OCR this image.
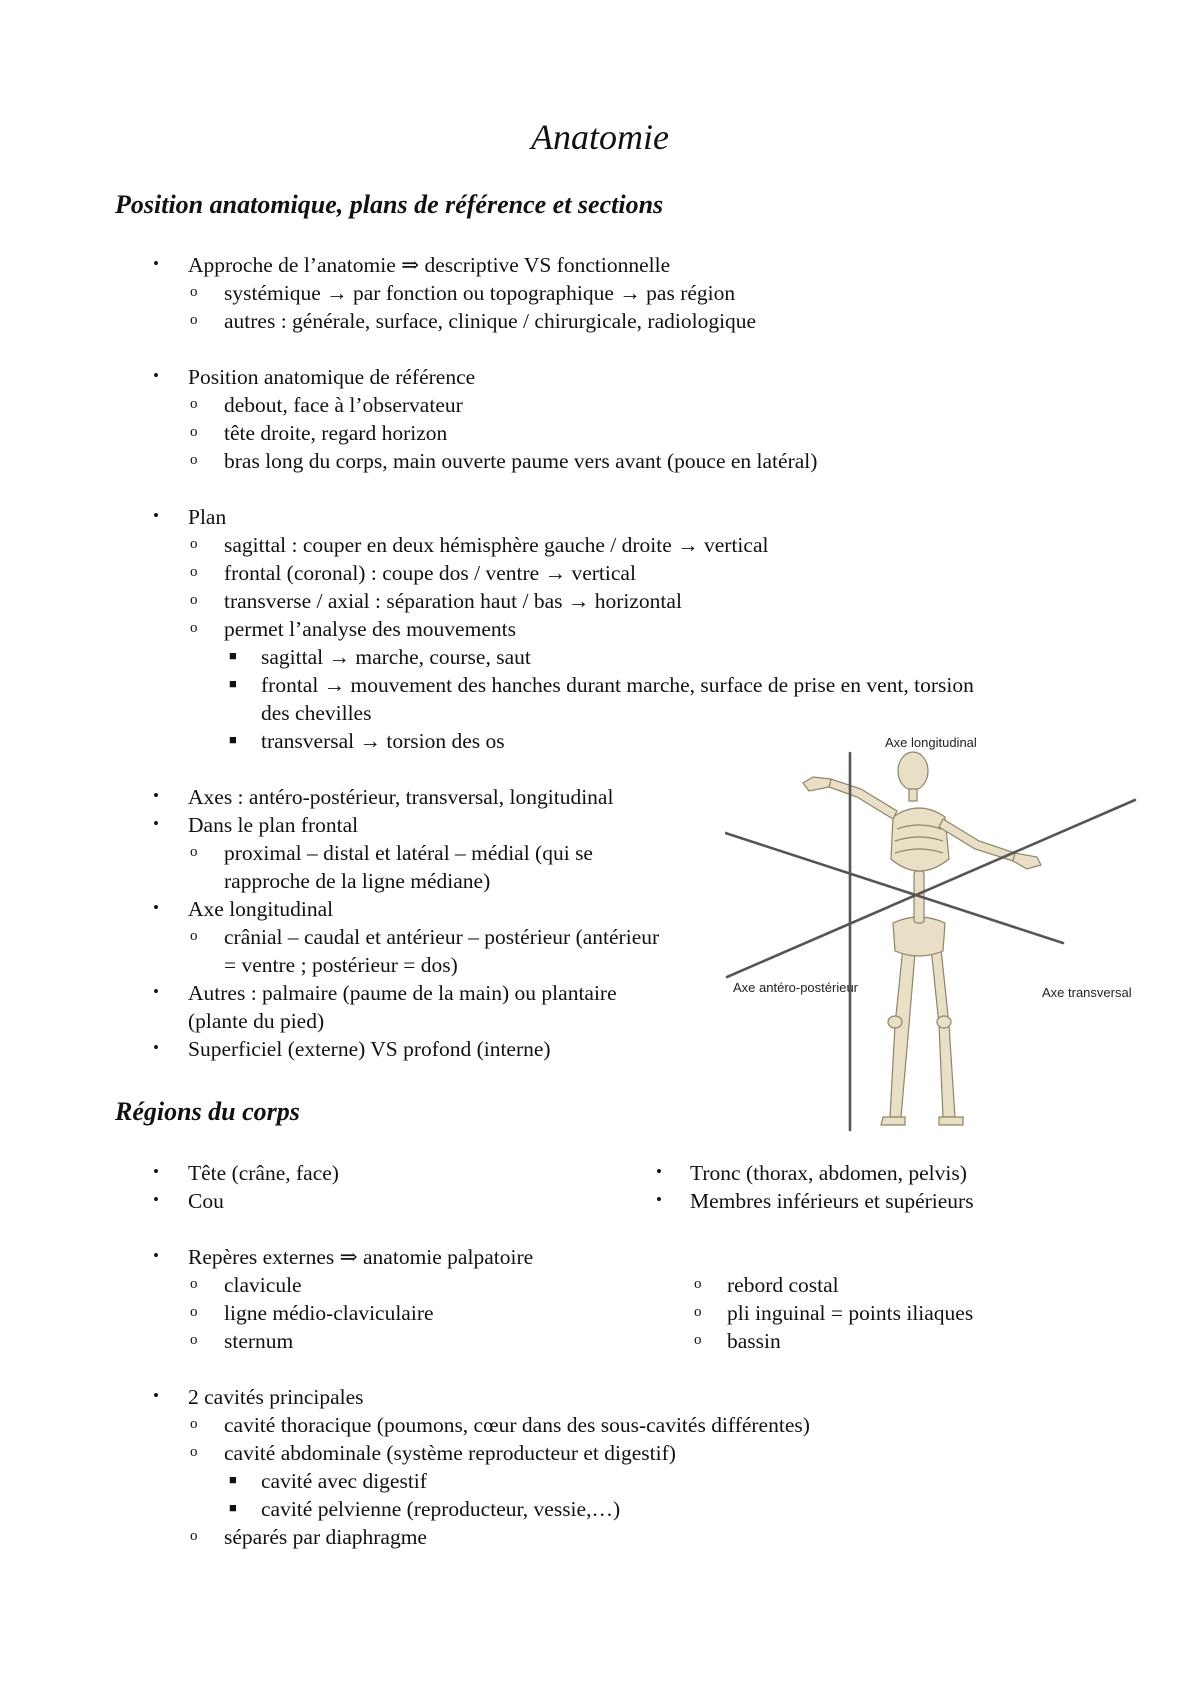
Anatomie
Position anatomique, plans de référence et sections
• Approche de l’anatomie ⇒ descriptive VS fonctionnelle
o systémique → par fonction ou topographique → pas région
o autres : générale, surface, clinique / chirurgicale, radiologique
• Position anatomique de référence
o debout, face à l’observateur
o tête droite, regard horizon
o bras long du corps, main ouverte paume vers avant (pouce en latéral)
• Plan
o sagittal : couper en deux hémisphère gauche / droite → vertical
o frontal (coronal) : coupe dos / ventre → vertical
o transverse / axial : séparation haut / bas → horizontal
o permet l’analyse des mouvements
■ sagittal → marche, course, saut
■ frontal → mouvement des hanches durant marche, surface de prise en vent, torsion
des chevilles
■ transversal → torsion des os
• Axes : antéro-postérieur, transversal, longitudinal
• Dans le plan frontal
o proximal – distal et latéral – médial (qui se
rapproche de la ligne médiane)
• Axe longitudinal
o crânial – caudal et antérieur – postérieur (antérieur
= ventre ; postérieur = dos)
• Autres : palmaire (paume de la main) ou plantaire
(plante du pied)
• Superficiel (externe) VS profond (interne)
Axe longitudinal
Axe antéro-postérieur	Axe transversal
Régions du corps
• Tête (crâne, face)
• Cou
• Tronc (thorax, abdomen, pelvis)
• Membres inférieurs et supérieurs
• Repères externes ⇒ anatomie palpatoire
o clavicule
o ligne médio-claviculaire
o sternum
o rebord costal
o pli inguinal = points iliaques
o bassin
• 2 cavités principales
o cavité thoracique (poumons, cœur dans des sous-cavités différentes)
o cavité abdominale (système reproducteur et digestif)
■ cavité avec digestif
■ cavité pelvienne (reproducteur, vessie,…)
o séparés par diaphragme
